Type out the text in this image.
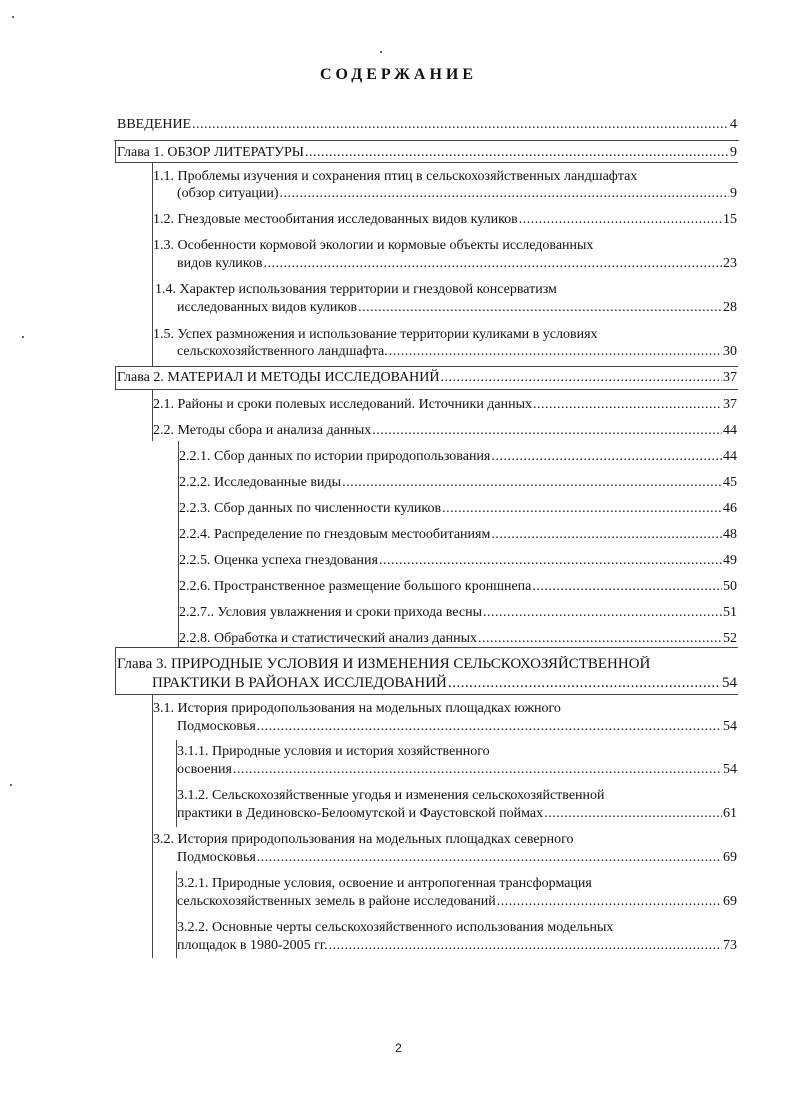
СОДЕРЖАНИЕ
ВВЕДЕНИЕ .....	4
Глава 1. ОБЗОР ЛИТЕРАТУРЫ .....	9
1.1. Проблемы изучения и сохранения птиц в сельскохозяйственных ландшафтах
(обзор ситуации) .....	9
1.2. Гнездовые местообитания исследованных видов куликов .....	15
1.3. Особенности кормовой экологии и кормовые объекты исследованных
видов куликов .....	23
1.4. Характер использования территории и гнездовой консерватизм
исследованных видов куликов .....	28
1.5. Успех размножения и использование территории куликами в условиях
сельскохозяйственного ландшафта. .....	30
Глава 2. МАТЕРИАЛ И МЕТОДЫ ИССЛЕДОВАНИЙ .....	37
2.1. Районы и сроки полевых исследований. Источники данных .....	37
2.2. Методы сбора и анализа данных .....	44
2.2.1. Сбор данных по истории природопользования .....	44
2.2.2. Исследованные виды .....	45
2.2.3. Сбор данных по численности куликов .....	46
2.2.4. Распределение по гнездовым местообитаниям .....	48
2.2.5. Оценка успеха гнездования .....	49
2.2.6. Пространственное размещение большого кроншнепа .....	50
2.2.7.. Условия увлажнения и сроки прихода весны .....	51
2.2.8. Обработка и статистический анализ данных .....	52
Глава 3. ПРИРОДНЫЕ УСЛОВИЯ И ИЗМЕНЕНИЯ СЕЛЬСКОХОЗЯЙСТВЕННОЙ
ПРАКТИКИ В РАЙОНАХ ИССЛЕДОВАНИЙ .....	54
3.1. История природопользования на модельных площадках южного
Подмосковья .....	54
3.1.1. Природные условия и история хозяйственного
освоения .....	54
3.1.2. Сельскохозяйственные угодья и изменения сельскохозяйственной
практики в Дединовско-Белоомутской и Фаустовской поймах .....	61
3.2. История природопользования на модельных площадках северного
Подмосковья .....	69
3.2.1. Природные условия, освоение и антропогенная трансформация
сельскохозяйственных земель в районе исследований .....	69
3.2.2. Основные черты сельскохозяйственного использования модельных
площадок в 1980-2005 гг. .....	73
2
